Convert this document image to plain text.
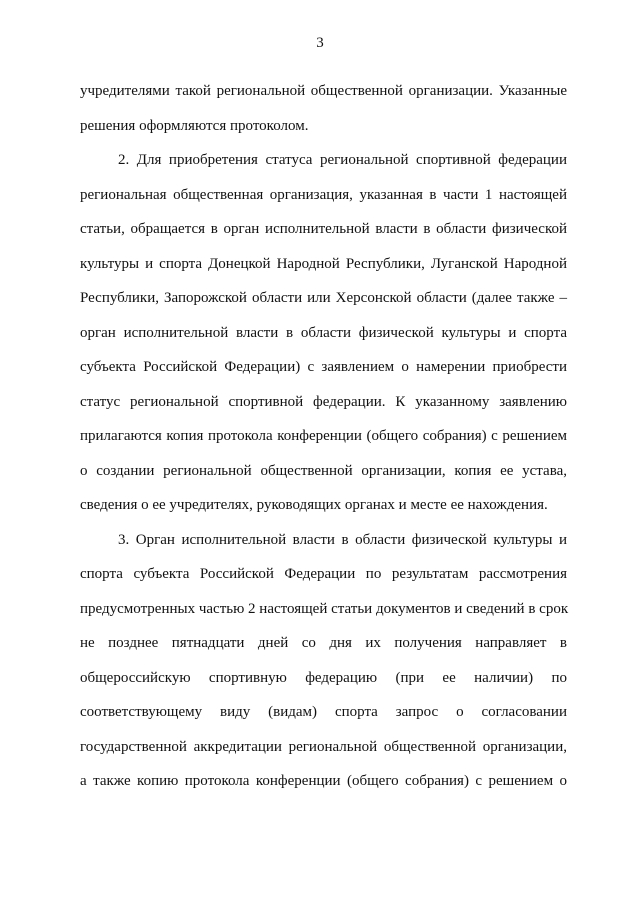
3
учредителями такой региональной общественной организации. Указанные
решения оформляются протоколом.
2. Для приобретения статуса региональной спортивной федерации
региональная общественная организация, указанная в части 1 настоящей
статьи, обращается в орган исполнительной власти в области физической
культуры и спорта Донецкой Народной Республики, Луганской Народной
Республики, Запорожской области или Херсонской области (далее также –
орган исполнительной власти в области физической культуры и спорта
субъекта Российской Федерации) с заявлением о намерении приобрести
статус региональной спортивной федерации. К указанному заявлению
прилагаются копия протокола конференции (общего собрания) с решением
о создании региональной общественной организации, копия ее устава,
сведения о ее учредителях, руководящих органах и месте ее нахождения.
3. Орган исполнительной власти в области физической культуры и
спорта субъекта Российской Федерации по результатам рассмотрения
предусмотренных частью 2 настоящей статьи документов и сведений в срок
не позднее пятнадцати дней со дня их получения направляет в
общероссийскую спортивную федерацию (при ее наличии) по
соответствующему виду (видам) спорта запрос о согласовании
государственной аккредитации региональной общественной организации,
а также копию протокола конференции (общего собрания) с решением о
